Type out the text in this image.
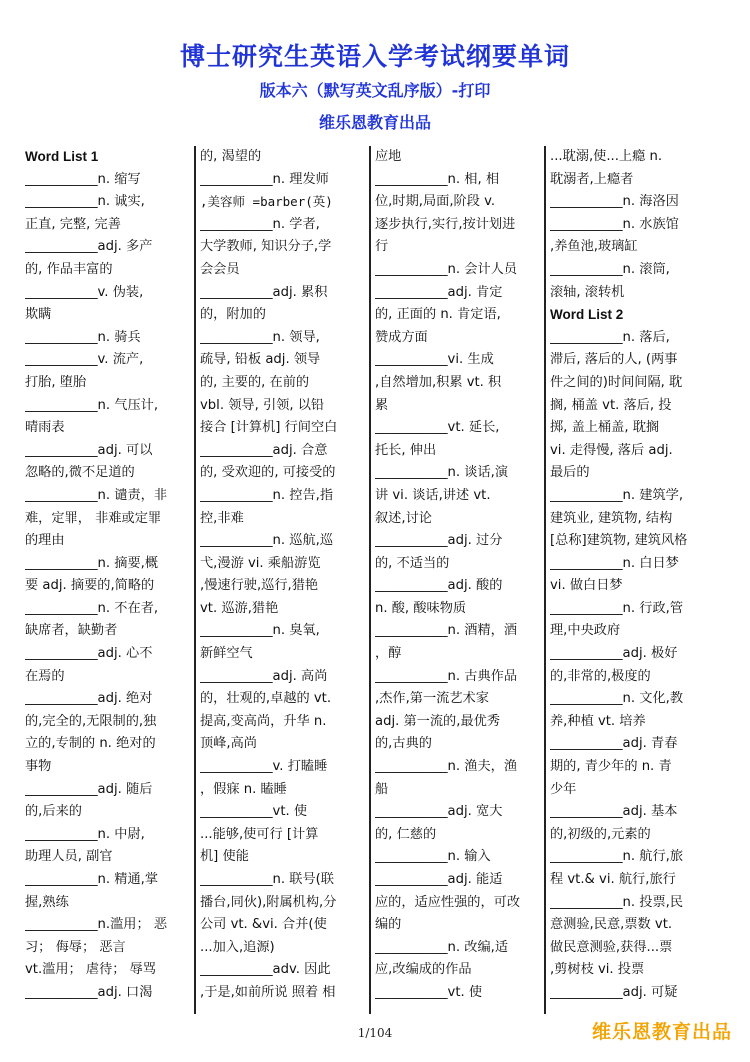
博士研究生英语入学考试纲要单词
版本六（默写英文乱序版）-打印
维乐恩教育出品
Word List 1
___________n. 缩写
___________n. 诚实,
正直, 完整, 完善
___________adj. 多产
的, 作品丰富的
___________v. 伪装,
欺瞒
___________n. 骑兵
___________v. 流产,
打胎, 堕胎
___________n. 气压计,
晴雨表
___________adj. 可以
忽略的,微不足道的
___________n. 谴责，非
难，定罪， 非难或定罪
的理由
___________n. 摘要,概
要 adj. 摘要的,简略的
___________n. 不在者,
缺席者，缺勤者
___________adj. 心不
在焉的
___________adj. 绝对
的,完全的,无限制的,独
立的,专制的 n. 绝对的
事物
___________adj. 随后
的,后来的
___________n. 中尉,
助理人员, 副官
___________n. 精通,掌
握,熟练
___________n.滥用； 恶
习； 侮辱； 恶言
vt.滥用； 虐待； 辱骂
___________adj. 口渴
的, 渴望的
___________n. 理发师
,美容师 =barber(英)
___________n. 学者,
大学教师, 知识分子,学
会会员
___________adj. 累积
的，附加的
___________n. 领导,
疏导, 铅板 adj. 领导
的, 主要的, 在前的
vbl. 领导, 引领, 以铅
接合 [计算机] 行间空白
___________adj. 合意
的, 受欢迎的, 可接受的
___________n. 控告,指
控,非难
___________n. 巡航,巡
弋,漫游 vi. 乘船游览
,慢速行驶,巡行,猎艳
vt. 巡游,猎艳
___________n. 臭氧,
新鲜空气
___________adj. 高尚
的，壮观的,卓越的 vt.
提高,变高尚，升华 n.
顶峰,高尚
___________v. 打瞌睡
，假寐 n. 瞌睡
___________vt. 使
...能够,使可行 [计算
机] 使能
___________n. 联号(联
播台,同伙),附属机构,分
公司 vt. &vi. 合并(使
...加入,追源)
___________adv. 因此
,于是,如前所说 照着 相
应地
___________n. 相, 相
位,时期,局面,阶段 v.
逐步执行,实行,按计划进
行
___________n. 会计人员
___________adj. 肯定
的, 正面的 n. 肯定语,
赞成方面
___________vi. 生成
,自然增加,积累 vt. 积
累
___________vt. 延长,
托长, 伸出
___________n. 谈话,演
讲 vi. 谈话,讲述 vt.
叙述,讨论
___________adj. 过分
的, 不适当的
___________adj. 酸的
n. 酸, 酸味物质
___________n. 酒精，酒
，醇
___________n. 古典作品
,杰作,第一流艺术家
adj. 第一流的,最优秀
的,古典的
___________n. 渔夫，渔
船
___________adj. 宽大
的, 仁慈的
___________n. 输入
___________adj. 能适
应的，适应性强的，可改
编的
___________n. 改编,适
应,改编成的作品
___________vt. 使
...耽溺,使...上瘾 n.
耽溺者,上瘾者
___________n. 海洛因
___________n. 水族馆
,养鱼池,玻璃缸
___________n. 滚筒,
滚轴, 滚转机
Word List 2
___________n. 落后,
滞后, 落后的人, (两事
件之间的)时间间隔, 耽
搁, 桶盖 vt. 落后, 投
掷, 盖上桶盖, 耽搁
vi. 走得慢, 落后 adj.
最后的
___________n. 建筑学,
建筑业, 建筑物, 结构
[总称]建筑物, 建筑风格
___________n. 白日梦
vi. 做白日梦
___________n. 行政,管
理,中央政府
___________adj. 极好
的,非常的,极度的
___________n. 文化,教
养,种植 vt. 培养
___________adj. 青春
期的, 青少年的 n. 青
少年
___________adj. 基本
的,初级的,元素的
___________n. 航行,旅
程 vt.& vi. 航行,旅行
___________n. 投票,民
意测验,民意,票数 vt.
做民意测验,获得...票
,剪树枝 vi. 投票
___________adj. 可疑
1/104	维乐恩教育出品
